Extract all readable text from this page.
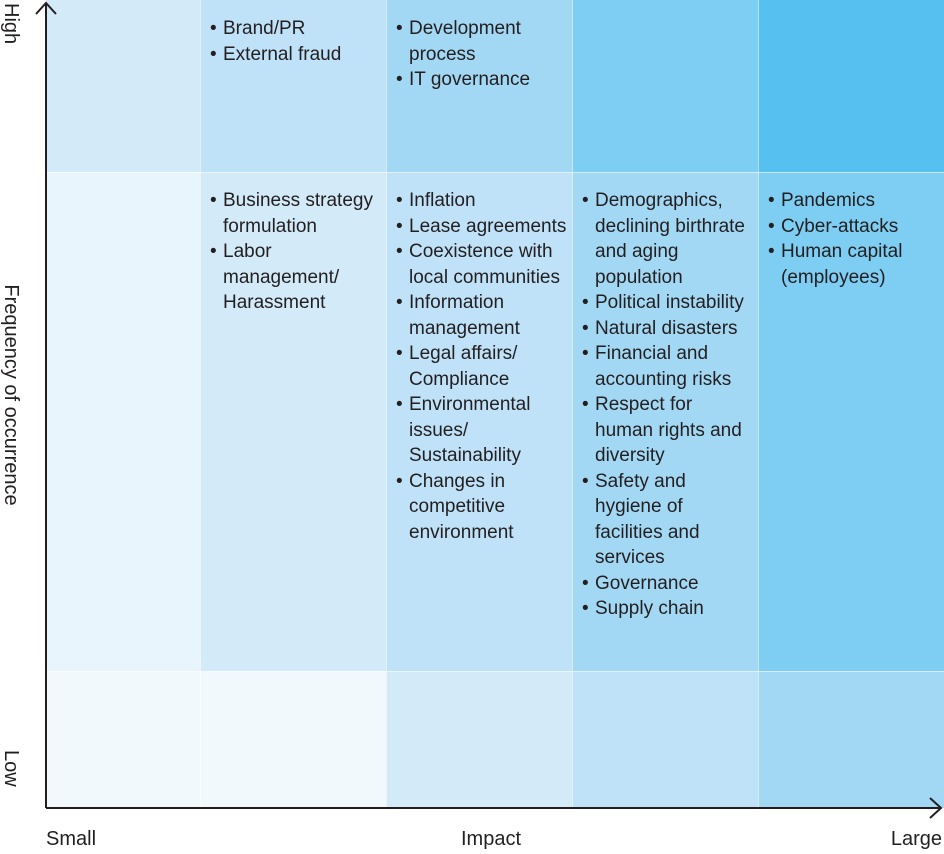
• Brand/PR
• External fraud
• Development process
• IT governance
• Business strategy formulation
• Labor management/ Harassment
• Inflation
• Lease agreements
• Coexistence with local communities
• Information management
• Legal affairs/ Compliance
• Environmental issues/ Sustainability
• Changes in competitive environment
• Demographics, declining birthrate and aging population
• Political instability
• Natural disasters
• Financial and accounting risks
• Respect for human rights and diversity
• Safety and hygiene of facilities and services
• Governance
• Supply chain
• Pandemics
• Cyber-attacks
• Human capital (employees)
High
Frequency of occurrence
Low
Small	Impact	Large
